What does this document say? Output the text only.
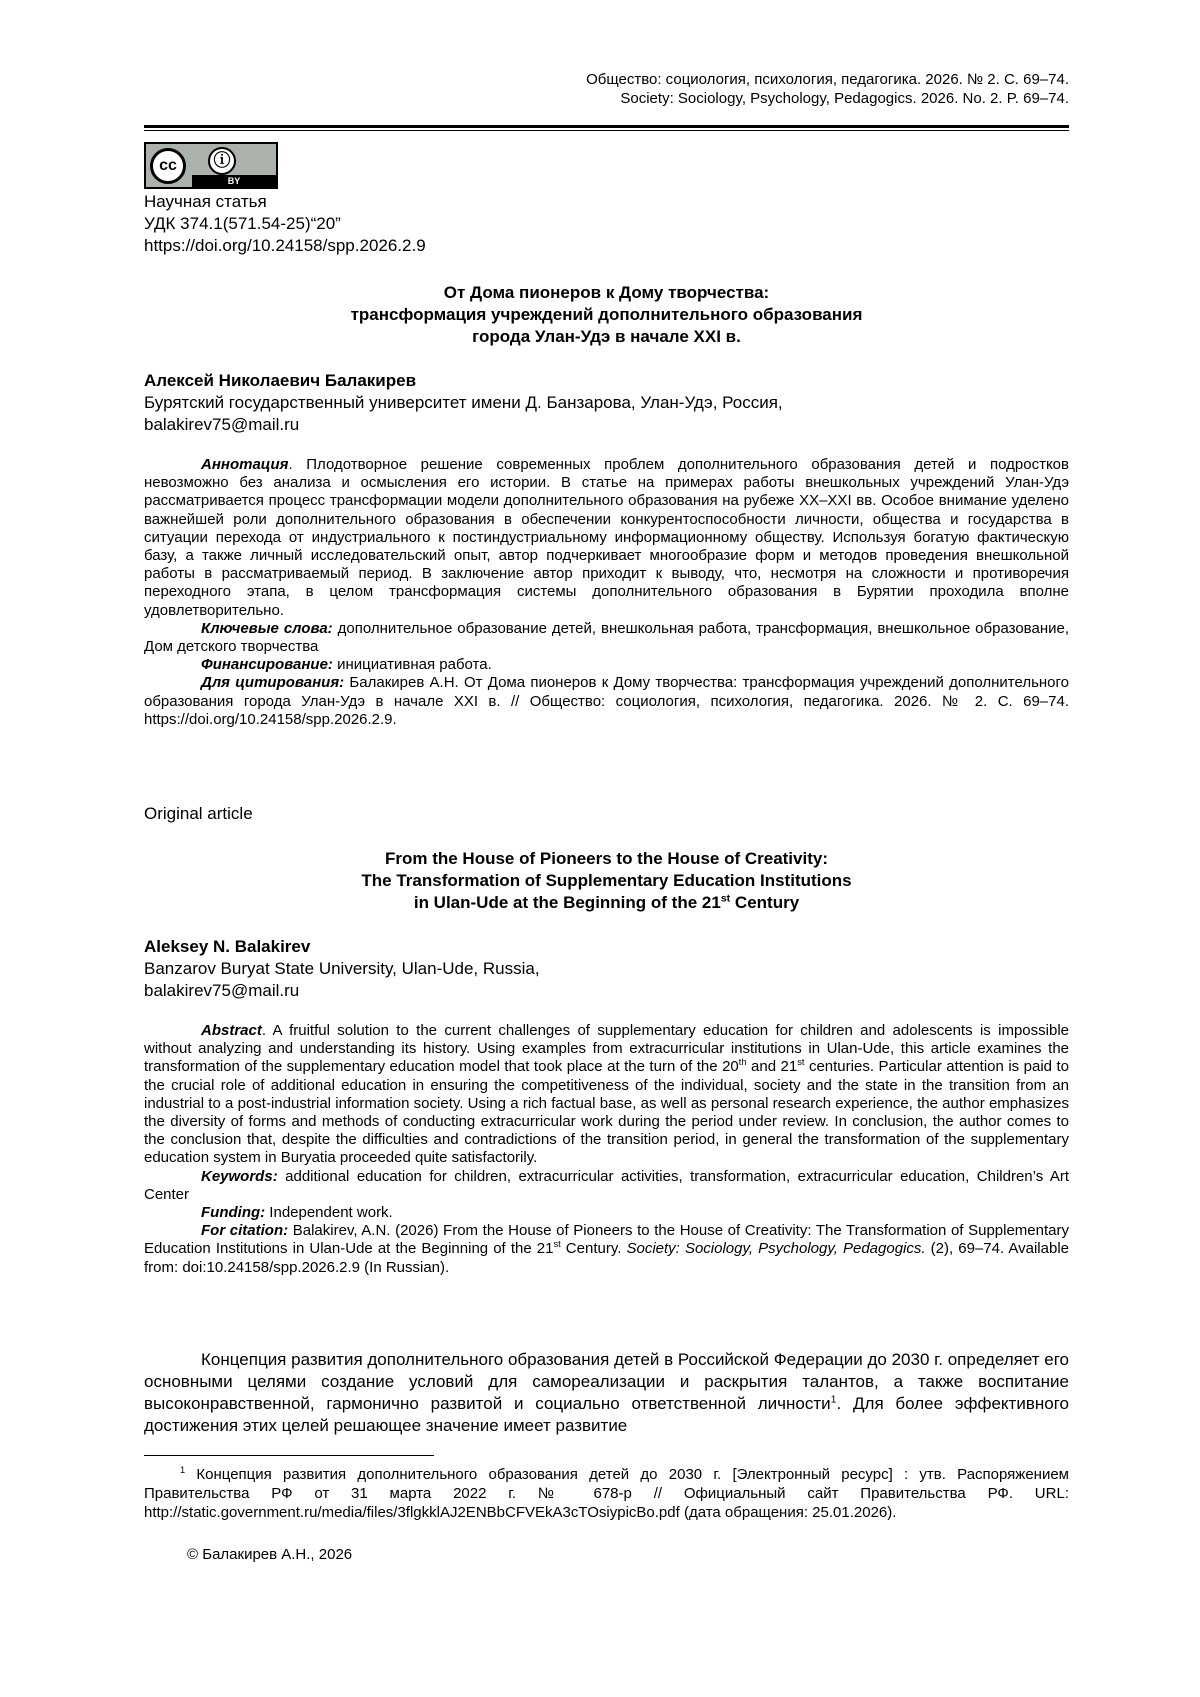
Общество: социология, психология, педагогика. 2026. № 2. С. 69–74.
Society: Sociology, Psychology, Pedagogics. 2026. No. 2. P. 69–74.
cc	ⓘ
BY
Научная статья
УДК 374.1(571.54-25)“20”
https://doi.org/10.24158/spp.2026.2.9
От Дома пионеров к Дому творчества:
трансформация учреждений дополнительного образования
города Улан-Удэ в начале XXI в.
Алексей Николаевич Балакирев
Бурятский государственный университет имени Д. Банзарова, Улан-Удэ, Россия,
balakirev75@mail.ru

Аннотация. Плодотворное решение современных проблем дополнительного образования детей и подростков невозможно без анализа и осмысления его истории. В статье на примерах работы внешкольных учреждений Улан-Удэ рассматривается процесс трансформации модели дополнительного образования на рубеже XX–XXI вв. Особое внимание уделено важнейшей роли дополнительного образования в обеспечении конкурентоспособности личности, общества и государства в ситуации перехода от индустриального к постиндустриальному информационному обществу. Используя богатую фактическую базу, а также личный исследовательский опыт, автор подчеркивает многообразие форм и методов проведения внешкольной работы в рассматриваемый период. В заключение автор приходит к выводу, что, несмотря на сложности и противоречия переходного этапа, в целом трансформация системы дополнительного образования в Бурятии проходила вполне удовлетворительно.

Ключевые слова: дополнительное образование детей, внешкольная работа, трансформация, внешкольное образование, Дом детского творчества

Финансирование: инициативная работа.

Для цитирования: Балакирев А.Н. От Дома пионеров к Дому творчества: трансформация учреждений дополнительного образования города Улан-Удэ в начале XXI в. // Общество: социология, психология, педагогика. 2026. № 2. С. 69–74. https://doi.org/10.24158/spp.2026.2.9.

Original article
From the House of Pioneers to the House of Creativity:
The Transformation of Supplementary Education Institutions
in Ulan-Ude at the Beginning of the 21st Century
Aleksey N. Balakirev
Banzarov Buryat State University, Ulan-Ude, Russia,
balakirev75@mail.ru

Abstract. A fruitful solution to the current challenges of supplementary education for children and adolescents is impossible without analyzing and understanding its history. Using examples from extracurricular institutions in Ulan-Ude, this article examines the transformation of the supplementary education model that took place at the turn of the 20th and 21st centuries. Particular attention is paid to the crucial role of additional education in ensuring the competitiveness of the individual, society and the state in the transition from an industrial to a post-industrial information society. Using a rich factual base, as well as personal research experience, the author emphasizes the diversity of forms and methods of conducting extracurricular work during the period under review. In conclusion, the author comes to the conclusion that, despite the difficulties and contradictions of the transition period, in general the transformation of the supplementary education system in Buryatia proceeded quite satisfactorily.

Keywords: additional education for children, extracurricular activities, transformation, extracurricular education, Children’s Art Center

Funding: Independent work.

For citation: Balakirev, A.N. (2026) From the House of Pioneers to the House of Creativity: The Transformation of Supplementary Education Institutions in Ulan-Ude at the Beginning of the 21st Century. Society: Sociology, Psychology, Pedagogics. (2), 69–74. Available from: doi:10.24158/spp.2026.2.9 (In Russian).

Концепция развития дополнительного образования детей в Российской Федерации до 2030 г. определяет его основными целями создание условий для самореализации и раскрытия талантов, а также воспитание высоконравственной, гармонично развитой и социально ответственной личности$^1$. Для более эффективного достижения этих целей решающее значение имеет развитие

$^1$ Концепция развития дополнительного образования детей до 2030 г. [Электронный ресурс] : утв. Распоряжением Правительства РФ от 31 марта 2022 г. № 678-р // Официальный сайт Правительства РФ. URL: http://static.government.ru/media/files/3flgkklAJ2ENBbCFVEkA3cTOsiypicBo.pdf (дата обращения: 25.01.2026).

© Балакирев А.Н., 2026
